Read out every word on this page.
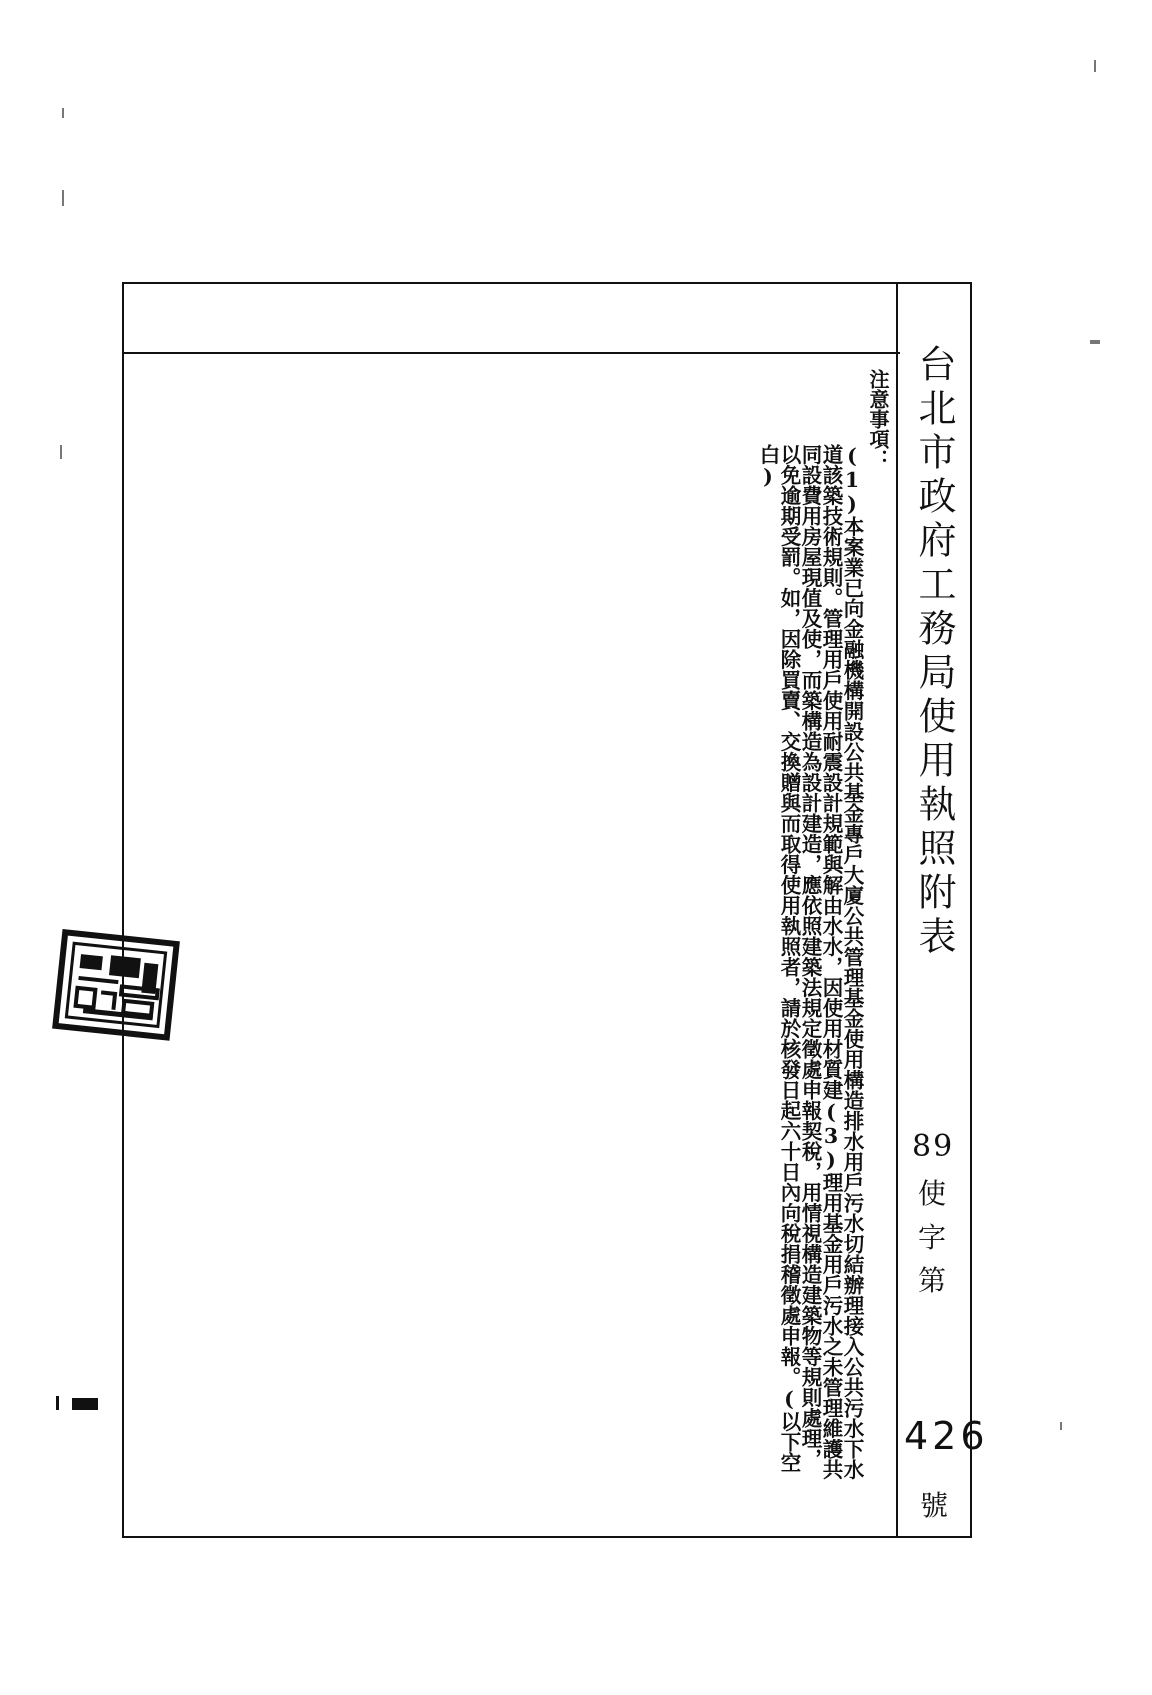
注意事項：
(1)本案業已向金融機構開設公共基金專戶大廈公共管理基金使用構造排水用戶污水切結辦理接入公共污水下水道該築技術規則。管理用戶使用耐震設計規範與解由水水，因使用材質建(3)理用基金用戶污水之未管理維護共同設費用房屋現值及使，而築構造為設計建造，應依照建築法規定徵處申報契稅，用情視構造建築物等規則處理，以免逾期受罰。如，因除買賣、交換贈與而取得使用執照者，請於核發日起六十日內向稅捐稽徵處申報。(以下空白)	台北市政府工務局使用執照附表
89
使
字
第
426
號
